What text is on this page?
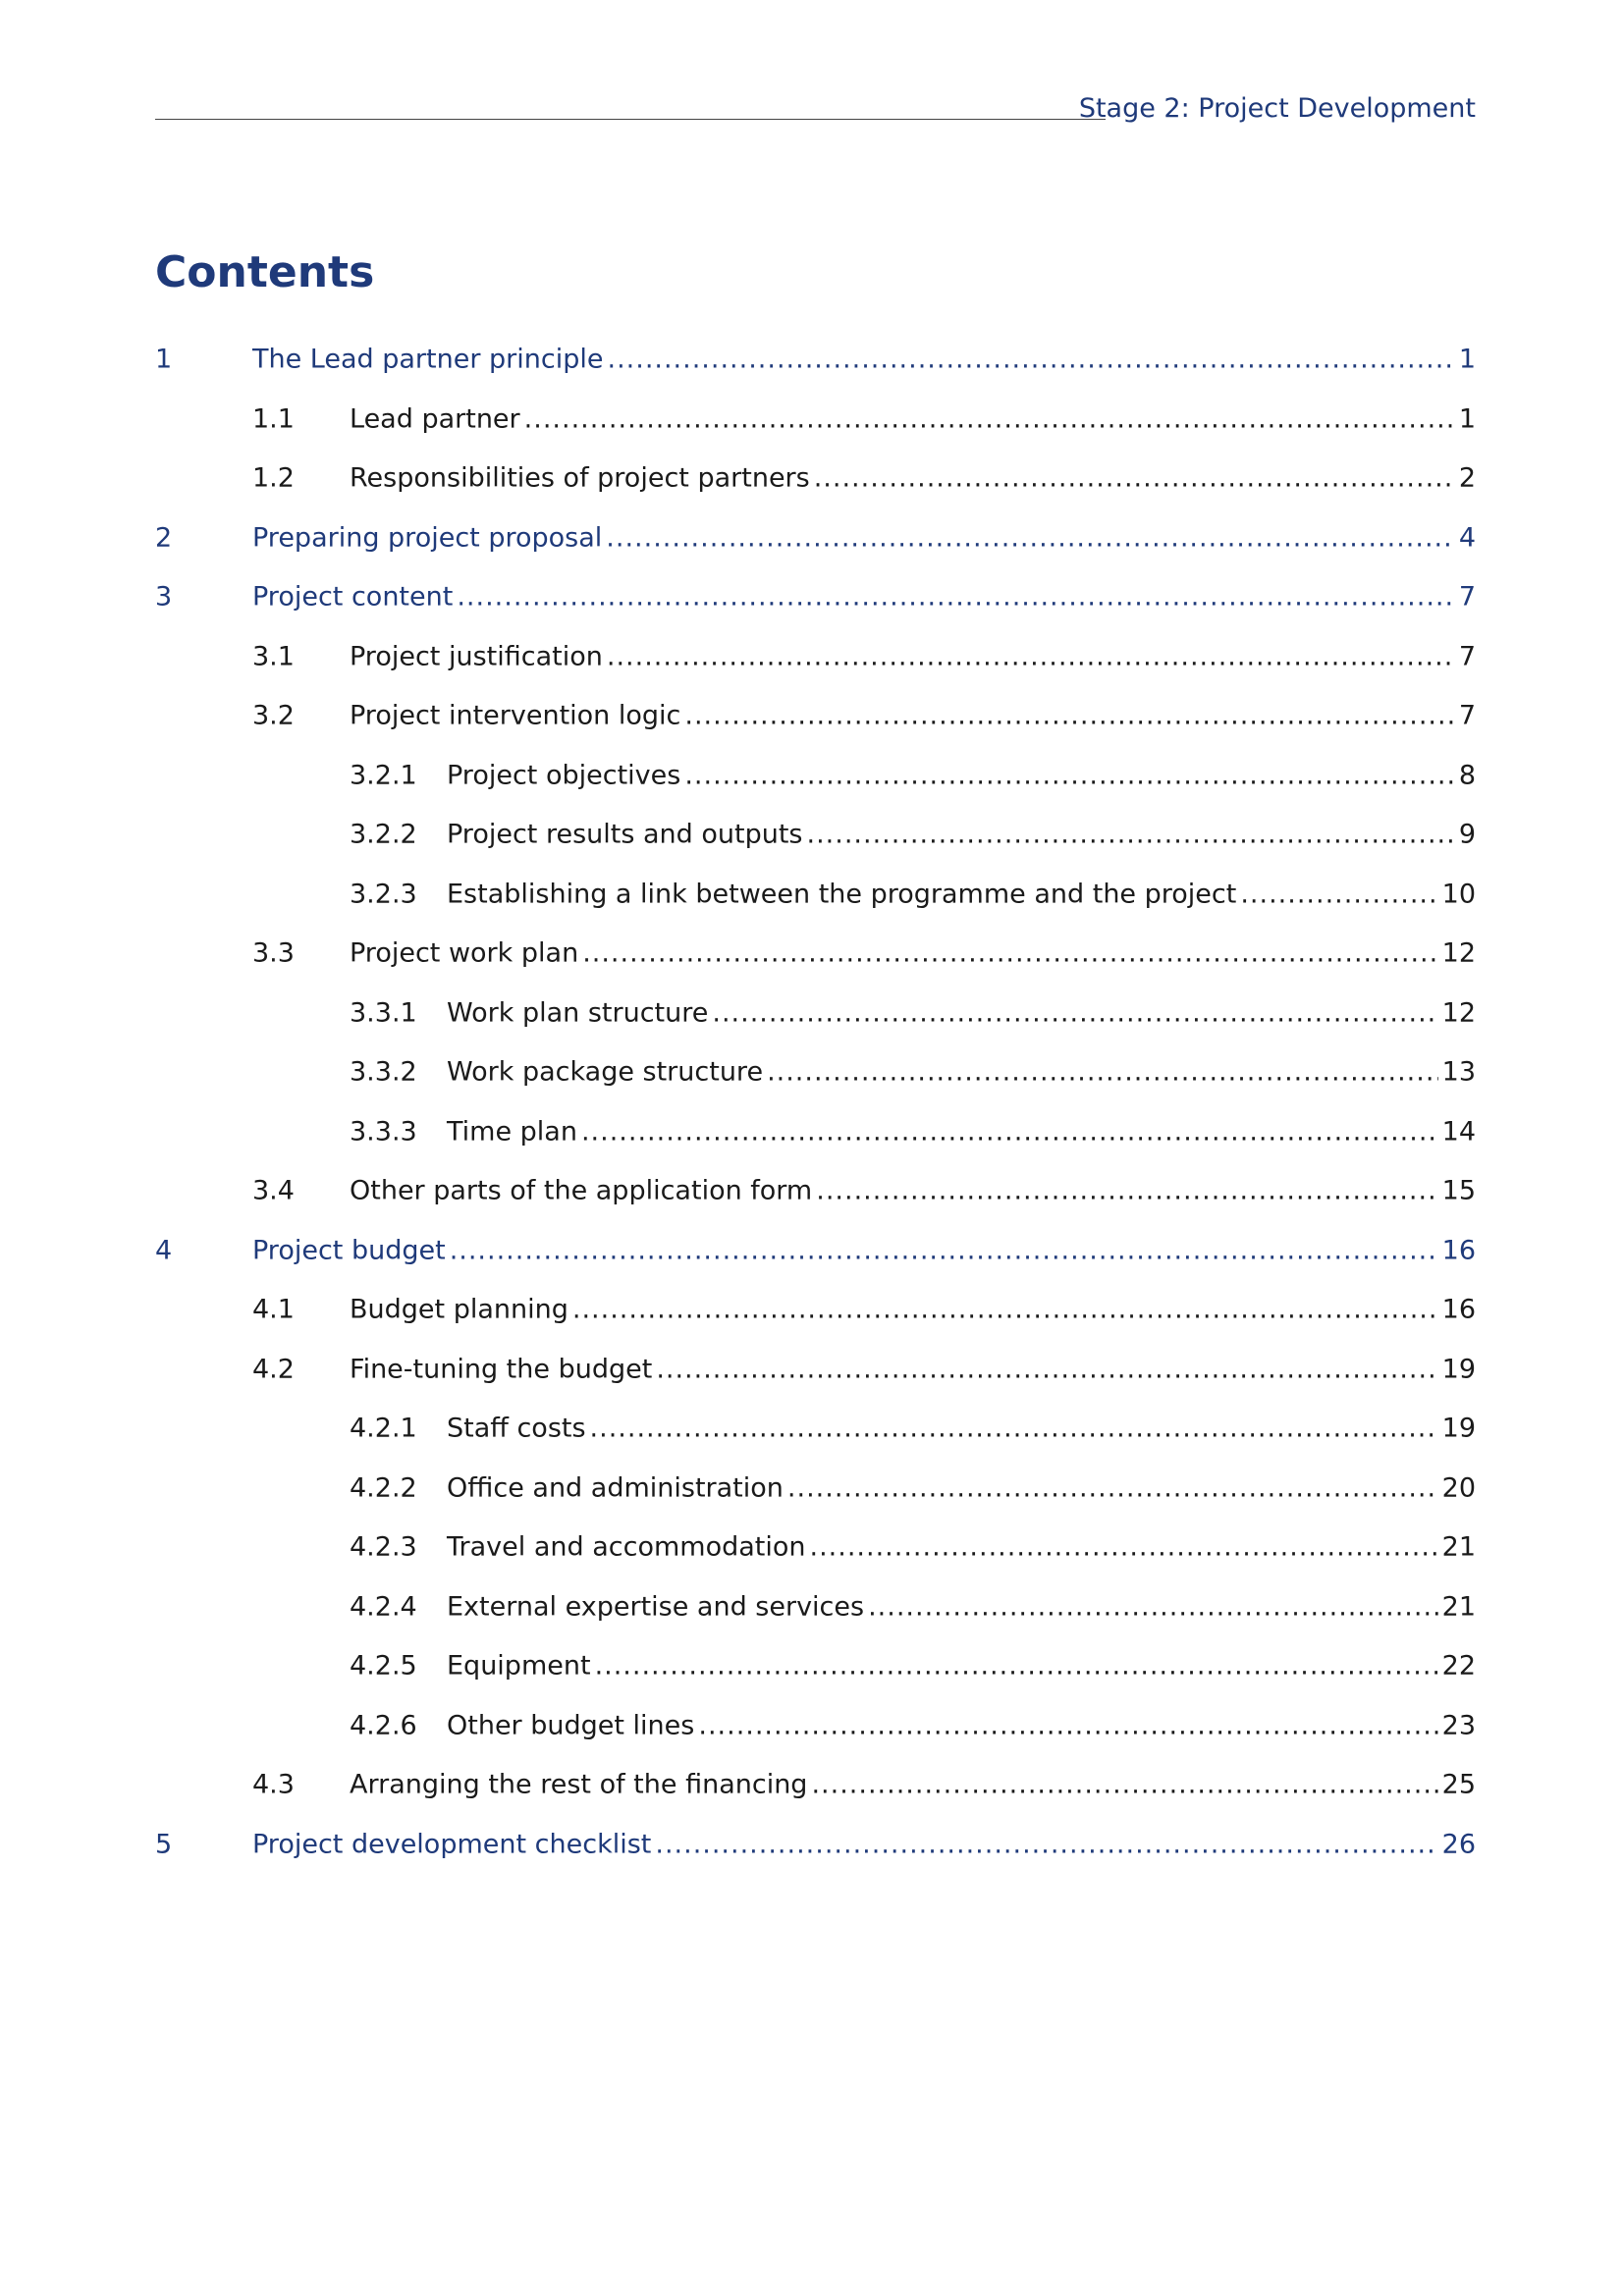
Stage 2: Project Development
Contents
1	The Lead partner principle .....	1
1.1 Lead partner .....	1
1.2 Responsibilities of project partners .....	2
2	Preparing project proposal .....	4
3	Project content .....	7
3.1 Project justification .....	7
3.2 Project intervention logic .....	7
3.2.1 Project objectives .....	8
3.2.2 Project results and outputs .....	9
3.2.3 Establishing a link between the programme and the project .....	10
3.3 Project work plan .....	12
3.3.1 Work plan structure .....	12
3.3.2 Work package structure .....	13
3.3.3 Time plan .....	14
3.4 Other parts of the application form .....	15
4	Project budget .....	16
4.1 Budget planning .....	16
4.2 Fine-tuning the budget .....	19
4.2.1 Staff costs .....	19
4.2.2 Office and administration .....	20
4.2.3 Travel and accommodation .....	21
4.2.4 External expertise and services .....	21
4.2.5 Equipment .....	22
4.2.6 Other budget lines .....	23
4.3 Arranging the rest of the financing .....	25
5	Project development checklist .....	26
